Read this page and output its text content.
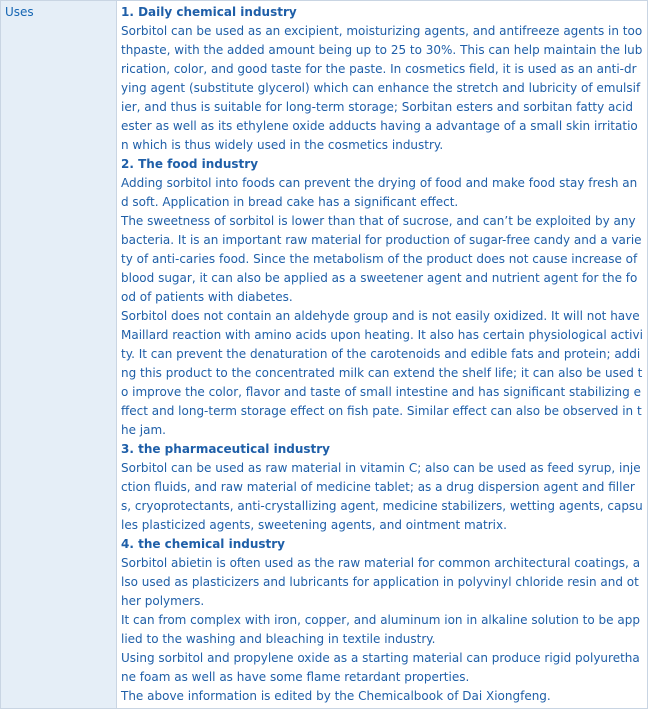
Uses	1. Daily chemical industry
Sorbitol can be used as an excipient, moisturizing agents, and antifreeze agents in toothpaste, with the added amount being up to 25 to 30%. This can help maintain the lubrication, color, and good taste for the paste. In cosmetics field, it is used as an anti-drying agent (substitute glycerol) which can enhance the stretch and lubricity of emulsifier, and thus is suitable for long-term storage; Sorbitan esters and sorbitan fatty acid ester as well as its ethylene oxide adducts having a advantage of a small skin irritation which is thus widely used in the cosmetics industry.
2. The food industry
Adding sorbitol into foods can prevent the drying of food and make food stay fresh and soft. Application in bread cake has a significant effect.
The sweetness of sorbitol is lower than that of sucrose, and can’t be exploited by any bacteria. It is an important raw material for production of sugar-free candy and a variety of anti-caries food. Since the metabolism of the product does not cause increase of blood sugar, it can also be applied as a sweetener agent and nutrient agent for the food of patients with diabetes.
Sorbitol does not contain an aldehyde group and is not easily oxidized. It will not have Maillard reaction with amino acids upon heating. It also has certain physiological activity. It can prevent the denaturation of the carotenoids and edible fats and protein; adding this product to the concentrated milk can extend the shelf life; it can also be used to improve the color, flavor and taste of small intestine and has significant stabilizing effect and long-term storage effect on fish pate. Similar effect can also be observed in the jam.
3. the pharmaceutical industry
Sorbitol can be used as raw material in vitamin C; also can be used as feed syrup, injection fluids, and raw material of medicine tablet; as a drug dispersion agent and fillers, cryoprotectants, anti-crystallizing agent, medicine stabilizers, wetting agents, capsules plasticized agents, sweetening agents, and ointment matrix.
4. the chemical industry
Sorbitol abietin is often used as the raw material for common architectural coatings, also used as plasticizers and lubricants for application in polyvinyl chloride resin and other polymers.
It can from complex with iron, copper, and aluminum ion in alkaline solution to be applied to the washing and bleaching in textile industry.
Using sorbitol and propylene oxide as a starting material can produce rigid polyurethane foam as well as have some flame retardant properties.
The above information is edited by the Chemicalbook of Dai Xiongfeng.
